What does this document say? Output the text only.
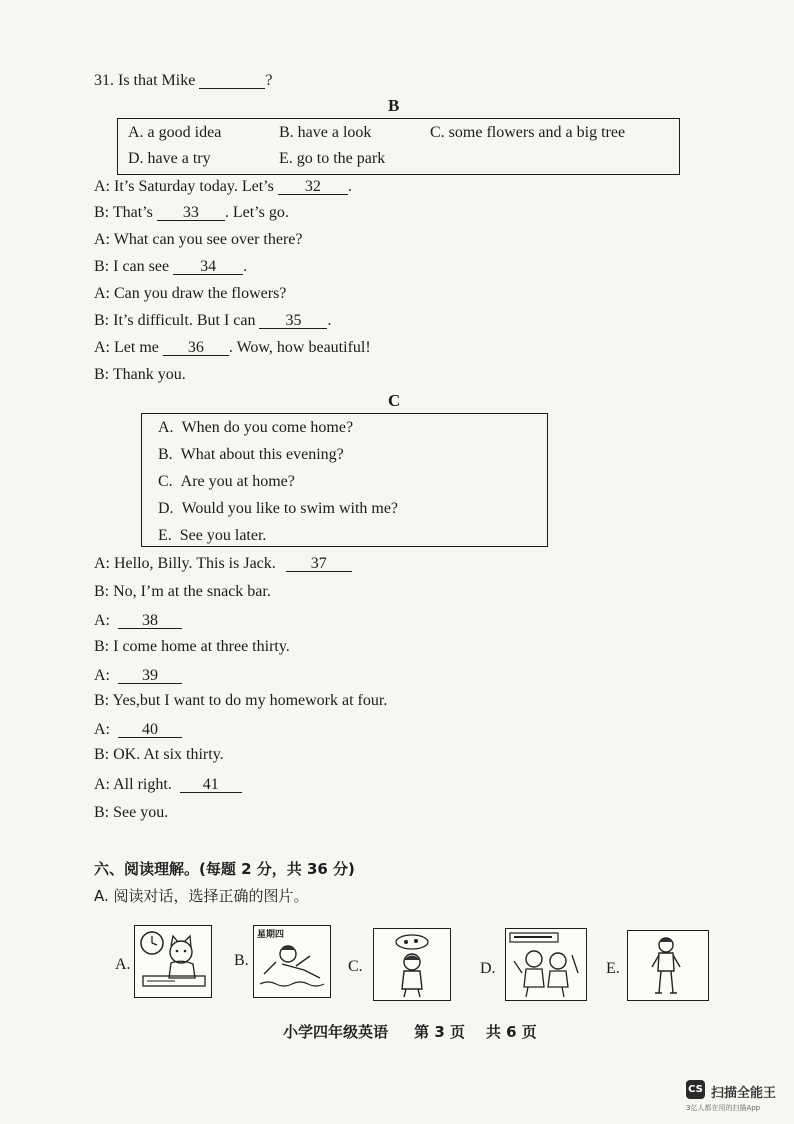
31. Is that Mike	?
B
A. a good idea	B. have a look	C. some flowers and a big tree
D. have a try	E. go to the park
A: It’s Saturday today. Let’s 32 .
B: That’s 33 . Let’s go.
A: What can you see over there?
B: I can see 34 .
A: Can you draw the flowers?
B: It’s difficult. But I can 35 .
A: Let me 36 . Wow, how beautiful!
B: Thank you.
C
A. When do you come home?
B. What about this evening?
C. Are you at home?
D. Would you like to swim with me?
E. See you later.
A: Hello, Billy. This is Jack. 37
B: No, I’m at the snack bar.
A: 38
B: I come home at three thirty.
A: 39
B: Yes,but I want to do my homework at four.
A: 40
B: OK. At six thirty.
A: All right. 41
B: See you.
六、阅读理解。(每题 2 分，共 36 分)
A. 阅读对话，选择正确的图片。
A.	B.
星期四
C.	D.	E.
小学四年级英语 第 3 页 共 6 页
CS 扫描全能王
3亿人都在用的扫描App
